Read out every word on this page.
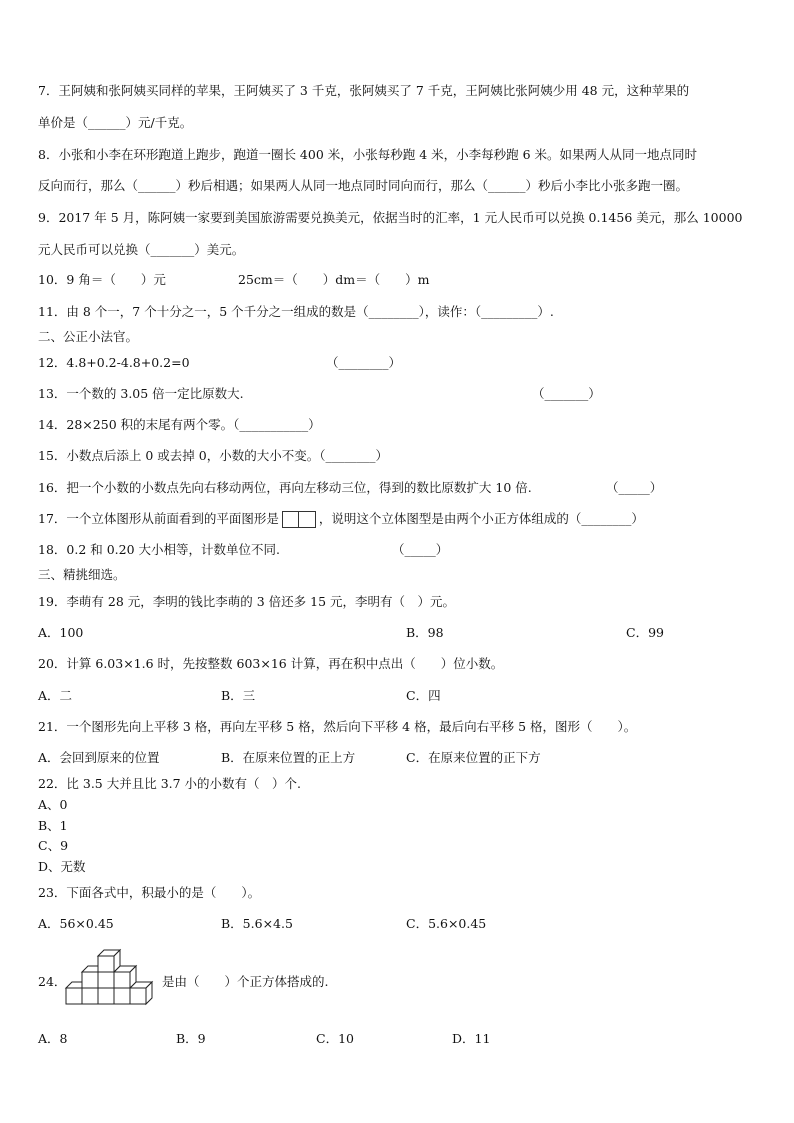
7．王阿姨和张阿姨买同样的苹果，王阿姨买了 3 千克，张阿姨买了 7 千克，王阿姨比张阿姨少用 48 元，这种苹果的
单价是（______）元/千克。
8．小张和小李在环形跑道上跑步，跑道一圈长 400 米，小张每秒跑 4 米，小李每秒跑 6 米。如果两人从同一地点同时
反向而行，那么（______）秒后相遇；如果两人从同一地点同时同向而行，那么（______）秒后小李比小张多跑一圈。
9．2017 年 5 月，陈阿姨一家要到美国旅游需要兑换美元，依据当时的汇率，1 元人民币可以兑换 0.1456 美元，那么 10000
元人民币可以兑换（_______）美元。
10．9 角＝（　　）元	25cm＝（　　）dm＝（　　）m
11．由 8 个一，7 个十分之一，5 个千分之一组成的数是（________），读作：（_________）.
二、公正小法官。
12．4.8+0.2-4.8+0.2=0	（________）
13．一个数的 3.05 倍一定比原数大.	（_______）
14．28×250 积的末尾有两个零。（___________）
15．小数点后添上 0 或去掉 0，小数的大小不变。（________）
16．把一个小数的小数点先向右移动两位，再向左移动三位，得到的数比原数扩大 10 倍.	（_____）
17．一个立体图形从前面看到的平面图形是	，说明这个立体图型是由两个小正方体组成的（________）
18．0.2 和 0.20 大小相等，计数单位不同.	（_____）
三、精挑细选。
19．李萌有 28 元，李明的钱比李萌的 3 倍还多 15 元，李明有（　）元。
A．100	B．98	C．99
20．计算 6.03×1.6 时，先按整数 603×16 计算，再在积中点出（　　）位小数。
A．二	B．三	C．四
21．一个图形先向上平移 3 格，再向左平移 5 格，然后向下平移 4 格，最后向右平移 5 格，图形（　　）。
A．会回到原来的位置	B．在原来位置的正上方	C．在原来位置的正下方
22．比 3.5 大并且比 3.7 小的小数有（　）个.
A、0
B、1
C、9
D、无数
23．下面各式中，积最小的是（　　）。
A．56×0.45	B．5.6×4.5	C．5.6×0.45
24．	是由（　　）个正方体搭成的.
A．8	B．9	C．10	D．11
